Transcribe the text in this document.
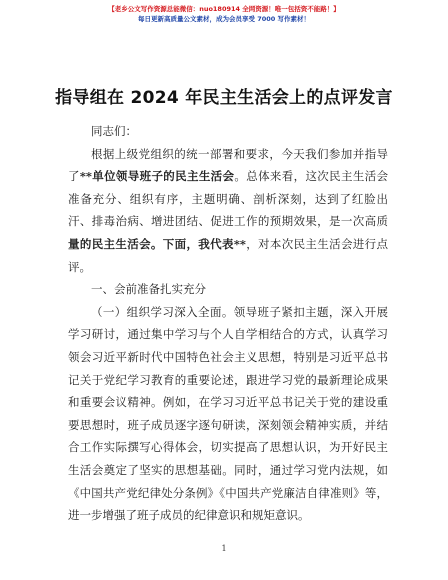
【老乡公文写作资源总能微信：nuo180914 全网资源！唯一包括资不能路！】
每日更新高质量公文素材，成为会员享受 7000 写作素材！
指导组在 2024 年民主生活会上的点评发言

同志们：

根据上级党组织的统一部署和要求，今天我们参加并指导了**单位领导班子的民主生活会。总体来看，这次民主生活会准备充分、组织有序，主题明确、剖析深刻，达到了红脸出汗、排毒治病、增进团结、促进工作的预期效果，是一次高质量的民主生活会。下面，我代表**，对本次民主生活会进行点评。

一、会前准备扎实充分

（一）组织学习深入全面。领导班子紧扣主题，深入开展学习研讨，通过集中学习与个人自学相结合的方式，认真学习领会习近平新时代中国特色社会主义思想，特别是习近平总书记关于党纪学习教育的重要论述，跟进学习党的最新理论成果和重要会议精神。例如，在学习习近平总书记关于党的建设重要思想时，班子成员逐字逐句研读，深刻领会精神实质，并结合工作实际撰写心得体会，切实提高了思想认识，为开好民主生活会奠定了坚实的思想基础。同时，通过学习党内法规，如《中国共产党纪律处分条例》《中国共产党廉洁自律准则》等，进一步增强了班子成员的纪律意识和规矩意识。

1
